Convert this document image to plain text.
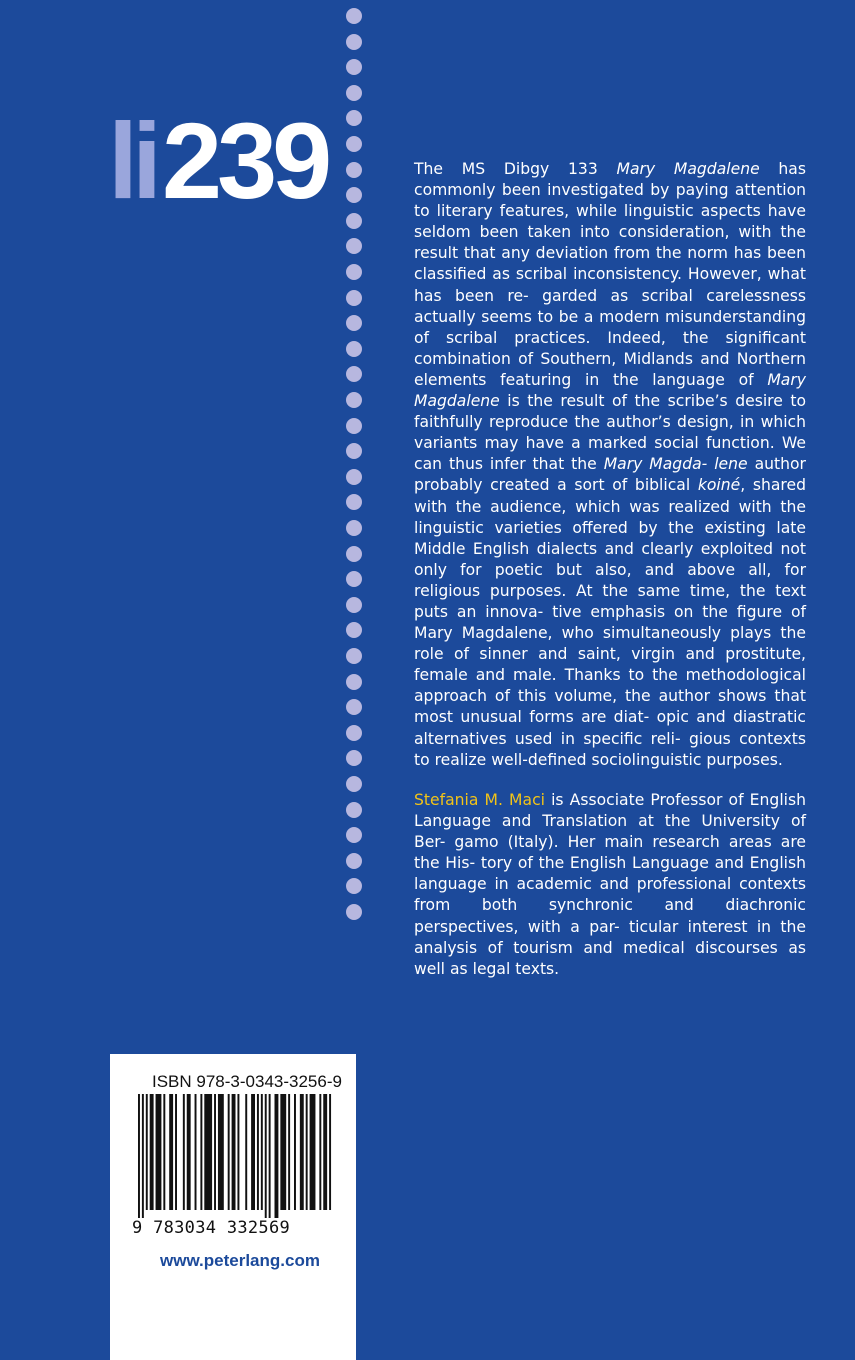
li 239	The MS Dibgy 133 Mary Magdalene has commonly been investigated by paying attention to literary features, while linguistic aspects have seldom been taken into consideration, with the result that any deviation from the norm has been classified as scribal inconsistency. However, what has been re- garded as scribal carelessness actually seems to be a modern misunderstanding of scribal practices. Indeed, the significant combination of Southern, Midlands and Northern elements featuring in the language of Mary Magdalene is the result of the scribe’s desire to faithfully reproduce the author’s design, in which variants may have a marked social function. We can thus infer that the Mary Magda- lene author probably created a sort of biblical koiné, shared with the audience, which was realized with the linguistic varieties offered by the existing late Middle English dialects and clearly exploited not only for poetic but also, and above all, for religious purposes. At the same time, the text puts an innova- tive emphasis on the figure of Mary Magdalene, who simultaneously plays the role of sinner and saint, virgin and prostitute, female and male. Thanks to the methodological approach of this volume, the author shows that most unusual forms are diat- opic and diastratic alternatives used in specific reli- gious contexts to realize well-defined sociolinguistic purposes.
Stefania M. Maci is Associate Professor of English Language and Translation at the University of Ber- gamo (Italy). Her main research areas are the His- tory of the English Language and English language in academic and professional contexts from both synchronic and diachronic perspectives, with a par- ticular interest in the analysis of tourism and medical discourses as well as legal texts.
ISBN 978-3-0343-3256-9
9 783034 332569
www.peterlang.com
